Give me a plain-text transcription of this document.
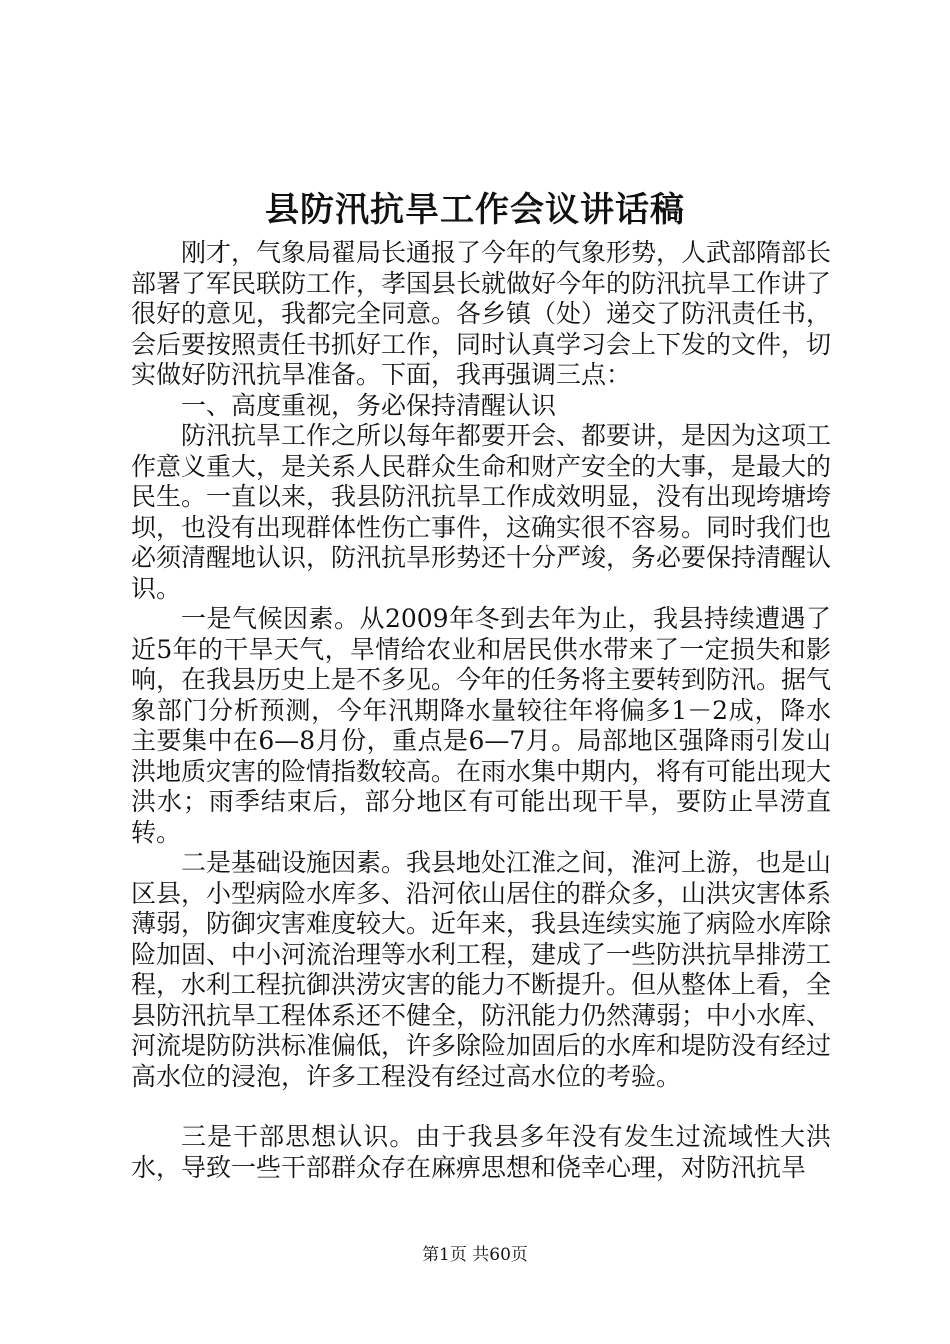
县防汛抗旱工作会议讲话稿

刚才，气象局翟局长通报了今年的气象形势，人武部隋部长部署了军民联防工作，孝国县长就做好今年的防汛抗旱工作讲了很好的意见，我都完全同意。各乡镇（处）递交了防汛责任书，会后要按照责任书抓好工作，同时认真学习会上下发的文件，切实做好防汛抗旱准备。下面，我再强调三点：

一、高度重视，务必保持清醒认识

防汛抗旱工作之所以每年都要开会、都要讲，是因为这项工作意义重大，是关系人民群众生命和财产安全的大事，是最大的民生。一直以来，我县防汛抗旱工作成效明显，没有出现垮塘垮坝，也没有出现群体性伤亡事件，这确实很不容易。同时我们也必须清醒地认识，防汛抗旱形势还十分严竣，务必要保持清醒认识。

一是气候因素。从2009年冬到去年为止，我县持续遭遇了近5年的干旱天气，旱情给农业和居民供水带来了一定损失和影响，在我县历史上是不多见。今年的任务将主要转到防汛。据气象部门分析预测，今年汛期降水量较往年将偏多1－2成，降水主要集中在6—8月份，重点是6—7月。局部地区强降雨引发山洪地质灾害的险情指数较高。在雨水集中期内，将有可能出现大洪水；雨季结束后，部分地区有可能出现干旱，要防止旱涝直转。

二是基础设施因素。我县地处江淮之间，淮河上游，也是山区县，小型病险水库多、沿河依山居住的群众多，山洪灾害体系薄弱，防御灾害难度较大。近年来，我县连续实施了病险水库除险加固、中小河流治理等水利工程，建成了一些防洪抗旱排涝工程，水利工程抗御洪涝灾害的能力不断提升。但从整体上看，全县防汛抗旱工程体系还不健全，防汛能力仍然薄弱；中小水库、河流堤防防洪标准偏低，许多除险加固后的水库和堤防没有经过高水位的浸泡，许多工程没有经过高水位的考验。

三是干部思想认识。由于我县多年没有发生过流域性大洪水，导致一些干部群众存在麻痹思想和侥幸心理，对防汛抗旱

第1页 共60页
